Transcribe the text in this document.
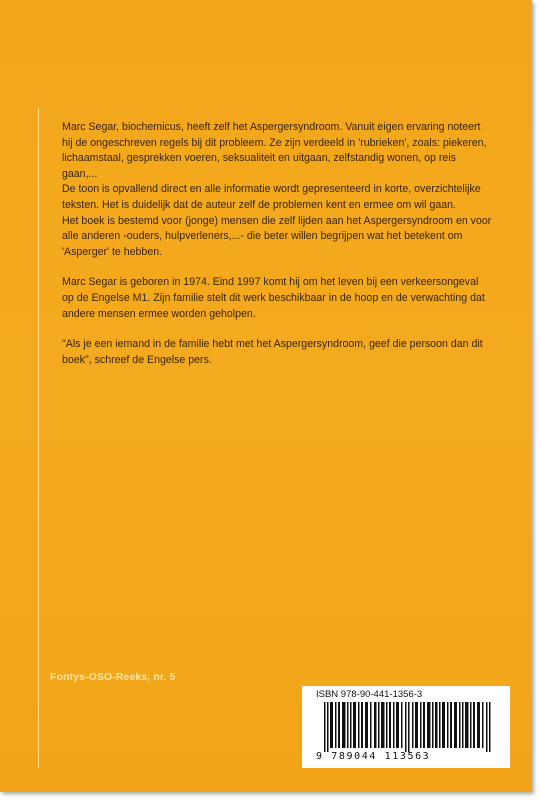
Marc Segar, biochemicus, heeft zelf het Aspergersyndroom. Vanuit eigen ervaring noteert hij de ongeschreven regels bij dit probleem. Ze zijn verdeeld in 'rubrieken', zoals: piekeren, lichaamstaal, gesprekken voeren, seksualiteit en uitgaan, zelfstandig wonen, op reis gaan,...

De toon is opvallend direct en alle informatie wordt gepresenteerd in korte, overzichtelijke teksten. Het is duidelijk dat de auteur zelf de problemen kent en ermee om wil gaan.

Het boek is bestemd voor (jonge) mensen die zelf lijden aan het Aspergersyndroom en voor alle anderen -ouders, hulpverleners,...- die beter willen begrijpen wat het betekent om 'Asperger' te hebben.

Marc Segar is geboren in 1974. Eind 1997 komt hij om het leven bij een verkeersongeval op de Engelse M1. Zijn familie stelt dit werk beschikbaar in de hoop en de verwachting dat andere mensen ermee worden geholpen.

"Als je een iemand in de familie hebt met het Aspergersyndroom, geef die persoon dan dit boek", schreef de Engelse pers.

Fontys-OSO-Reeks, nr. 5
ISBN 978-90-441-1356-3
9 789044 113563
